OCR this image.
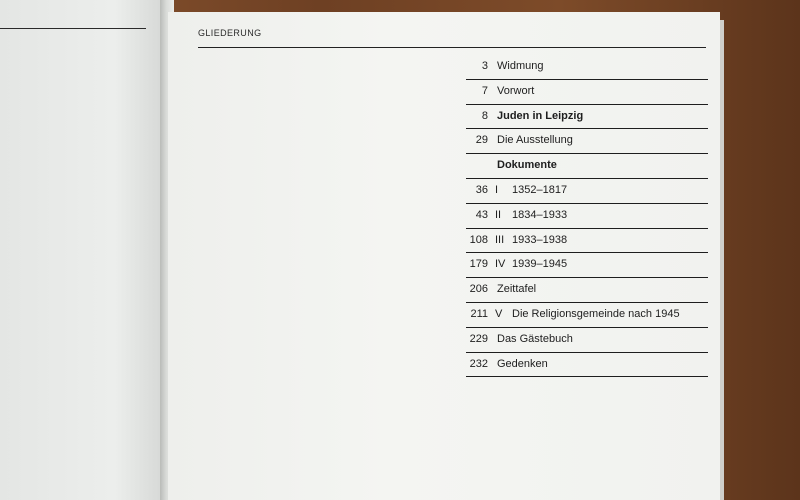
GLIEDERUNG
3 Widmung
7 Vorwort
8 Juden in Leipzig
29 Die Ausstellung
Dokumente
36 I 1352–1817
43 II 1834–1933
108 III 1933–1938
179 IV 1939–1945
206 Zeittafel
211 V Die Religionsgemeinde nach 1945
229 Das Gästebuch
232 Gedenken
